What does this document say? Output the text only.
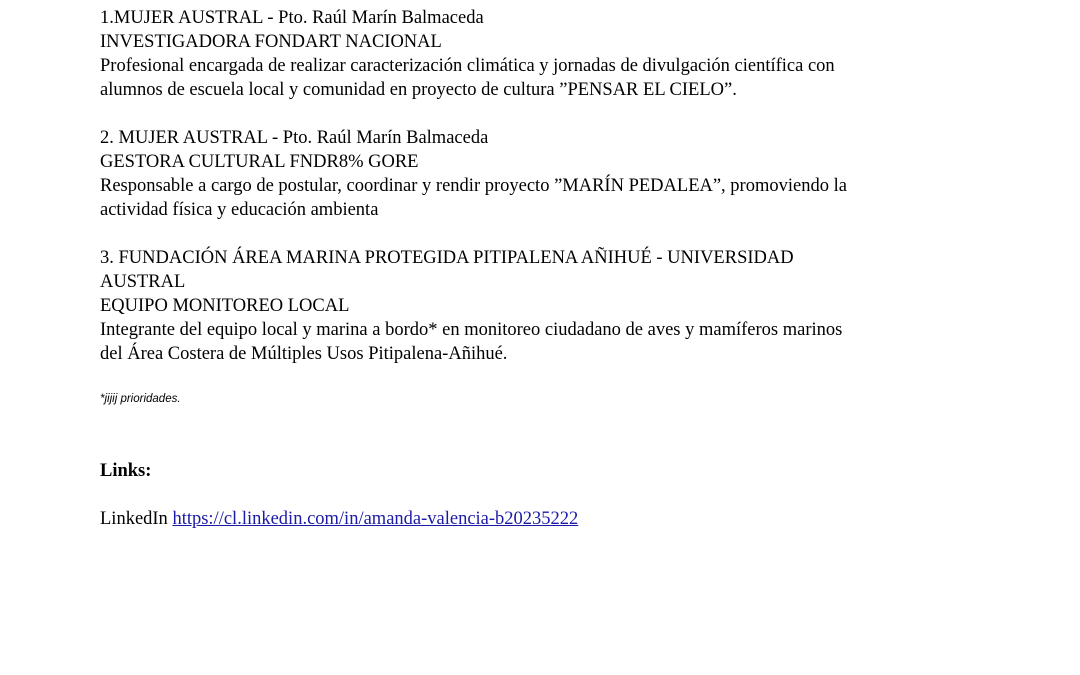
1.MUJER AUSTRAL - Pto. Raúl Marín Balmaceda
INVESTIGADORA FONDART NACIONAL
Profesional encargada de realizar caracterización climática y jornadas de divulgación científica con
alumnos de escuela local y comunidad en proyecto de cultura ”PENSAR EL CIELO”.
2. MUJER AUSTRAL - Pto. Raúl Marín Balmaceda
GESTORA CULTURAL FNDR8% GORE
Responsable a cargo de postular, coordinar y rendir proyecto ”MARÍN PEDALEA”, promoviendo la
actividad física y educación ambienta
3. FUNDACIÓN ÁREA MARINA PROTEGIDA PITIPALENA AÑIHUÉ - UNIVERSIDAD
AUSTRAL
EQUIPO MONITOREO LOCAL
Integrante del equipo local y marina a bordo* en monitoreo ciudadano de aves y mamíferos marinos
del Área Costera de Múltiples Usos Pitipalena-Añihué.
*jijij prioridades.
Links:
LinkedIn https://cl.linkedin.com/in/amanda-valencia-b20235222
